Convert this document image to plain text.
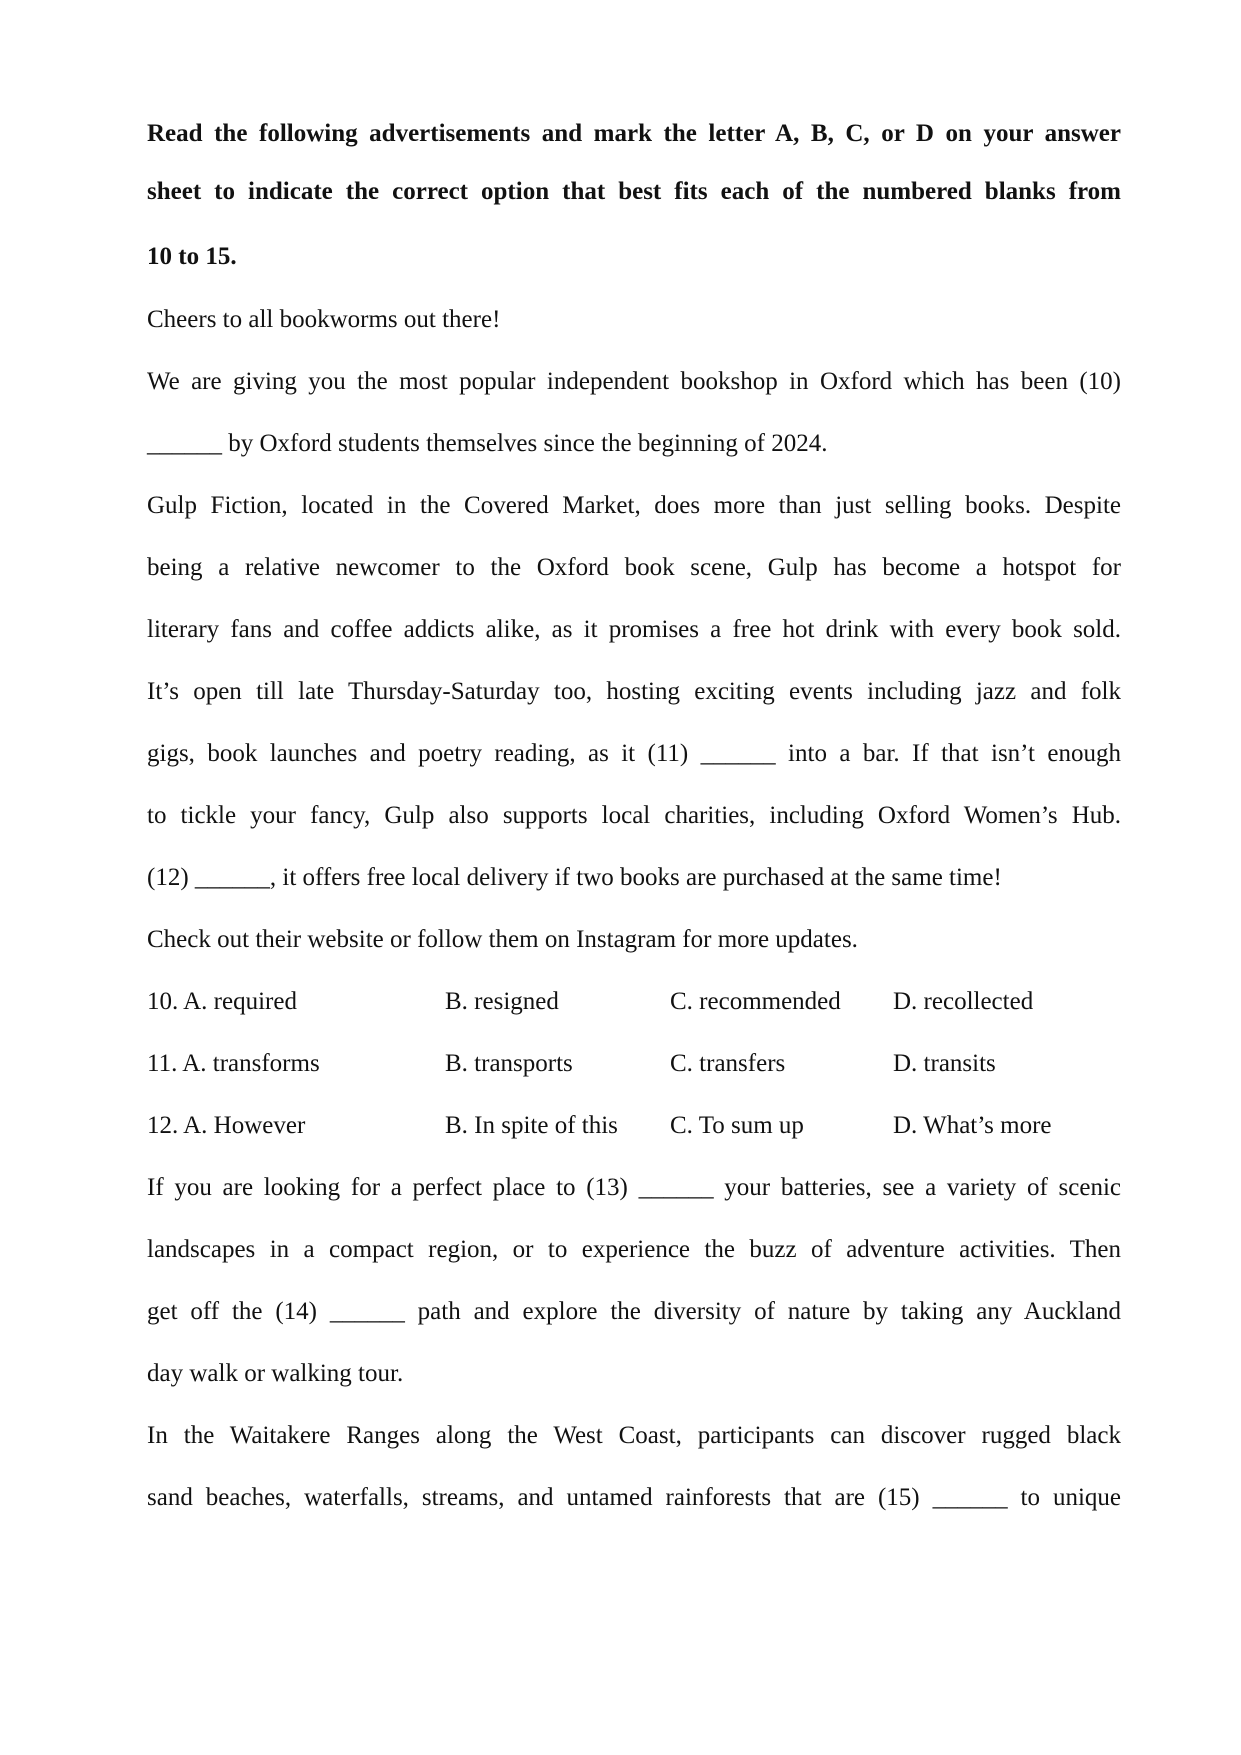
Read the following advertisements and mark the letter A, B, C, or D on your answer
sheet to indicate the correct option that best fits each of the numbered blanks from
10 to 15.
Cheers to all bookworms out there!
We are giving you the most popular independent bookshop in Oxford which has been (10)
______ by Oxford students themselves since the beginning of 2024.
Gulp Fiction, located in the Covered Market, does more than just selling books. Despite
being a relative newcomer to the Oxford book scene, Gulp has become a hotspot for
literary fans and coffee addicts alike, as it promises a free hot drink with every book sold.
It’s open till late Thursday-Saturday too, hosting exciting events including jazz and folk
gigs, book launches and poetry reading, as it (11) ______ into a bar. If that isn’t enough
to tickle your fancy, Gulp also supports local charities, including Oxford Women’s Hub.
(12) ______, it offers free local delivery if two books are purchased at the same time!
Check out their website or follow them on Instagram for more updates.
10. A. required	B. resigned	C. recommended D. recollected
11. A. transforms	B. transports	C. transfers	D. transits
12. A. However	B. In spite of this C. To sum up	D. What’s more
If you are looking for a perfect place to (13) ______ your batteries, see a variety of scenic
landscapes in a compact region, or to experience the buzz of adventure activities. Then
get off the (14) ______ path and explore the diversity of nature by taking any Auckland
day walk or walking tour.
In the Waitakere Ranges along the West Coast, participants can discover rugged black
sand beaches, waterfalls, streams, and untamed rainforests that are (15) ______ to unique
